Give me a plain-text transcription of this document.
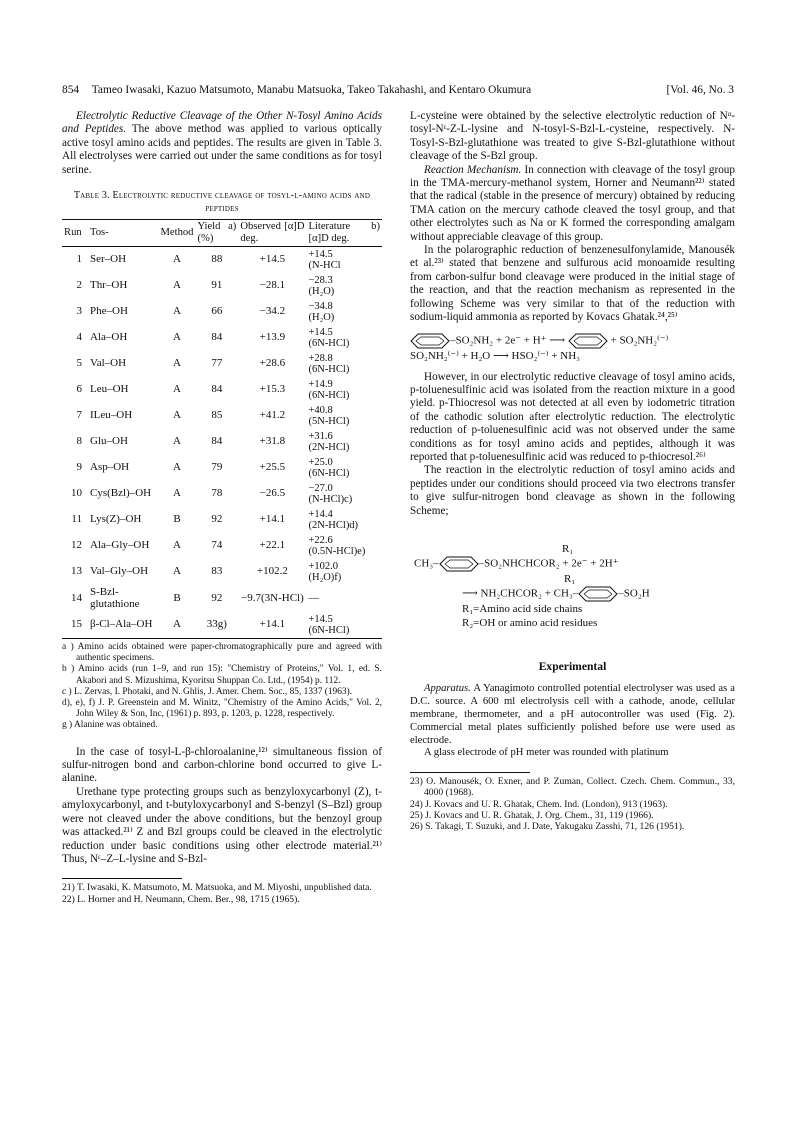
854 Tameo Iwasaki, Kazuo Matsumoto, Manabu Matsuoka, Takeo Takahashi, and Kentaro Okumura	[Vol. 46, No. 3

Electrolytic Reductive Cleavage of the Other N-Tosyl Amino Acids and Peptides. The above method was applied to various optically active tosyl amino acids and peptides. The results are given in Table 3. All electrolyses were carried out under the same conditions as for tosyl serine.

Table 3. Electrolytic reductive cleavage of tosyl-l-amino acids and peptides
Run	Tos-	Method	Yield a) (%)	Observed [α]D deg.	Literature b) [α]D deg.
1	Ser–OH	A	88	+14.5	+14.5
(N-HCl

2	Thr–OH	A	91	−28.1	−28.3
(H₂O)

3	Phe–OH	A	66	−34.2	−34.8
(H₂O)

4	Ala–OH	A	84	+13.9	+14.5
(6N-HCl)

5	Val–OH	A	77	+28.6	+28.8
(6N-HCl)

6	Leu–OH	A	84	+15.3	+14.9
(6N-HCl)

7	ILeu–OH	A	85	+41.2	+40.8
(5N-HCl)

8	Glu–OH	A	84	+31.8	+31.6
(2N-HCl)

9	Asp–OH	A	79	+25.5	+25.0
(6N-HCl)

10	Cys(Bzl)–OH	A	78	−26.5	−27.0
(N-HCl)c)

11	Lys(Z)–OH	B	92	+14.1	+14.4
(2N-HCl)d)

12	Ala–Gly–OH	A	74	+22.1	+22.6
(0.5N-HCl)e)

13	Val–Gly–OH	A	83	+102.2	+102.0
(H₂O)f)

14	S-Bzl- glutathione	B	92	−9.7(3N-HCl)	—

15	β-Cl–Ala–OH	A	33g)	+14.1	+14.5
(6N-HCl)
a ) Amino acids obtained were paper-chromatographically pure and agreed with authentic specimens.
b ) Amino acids (run 1–9, and run 15): "Chemistry of Proteins," Vol. 1, ed. S. Akabori and S. Mizushima, Kyoritsu Shuppan Co. Ltd., (1954) p. 112.
c ) L. Zervas, I. Photaki, and N. Ghlis, J. Amer. Chem. Soc., 85, 1337 (1963).
d), e), f) J. P. Greenstein and M. Winitz, "Chemistry of the Amino Acids," Vol. 2, John Wiley & Son, Inc, (1961) p. 893, p. 1203, p. 1228, respectively.
g ) Alanine was obtained.

In the case of tosyl-L-β-chloroalanine,¹²⁾ simultaneous fission of sulfur-nitrogen bond and carbon-chlorine bond occurred to give L-alanine.

Urethane type protecting groups such as benzyloxycarbonyl (Z), t-amyloxycarbonyl, and t-butyloxycarbonyl and S-benzyl (S–Bzl) group were not cleaved under the above conditions, but the benzoyl group was attacked.²¹⁾ Z and Bzl groups could be cleaved in the electrolytic reduction under basic conditions using other electrode material.²¹⁾ Thus, Nᵋ–Z–L-lysine and S-Bzl-

21) T. Iwasaki, K. Matsumoto, M. Matsuoka, and M. Miyoshi, unpublished data.
22) L. Horner and H. Neumann, Chem. Ber., 98, 1715 (1965).

L-cysteine were obtained by the selective electrolytic reduction of Nᵅ-tosyl-Nᵋ-Z-L-lysine and N-tosyl-S-Bzl-L-cysteine, respectively. N-Tosyl-S-Bzl-glutathione was treated to give S-Bzl-glutathione without cleavage of the S-Bzl group.

Reaction Mechanism. In connection with cleavage of the tosyl group in the TMA-mercury-methanol system, Horner and Neumann²²⁾ stated that the radical (stable in the presence of mercury) obtained by reducing TMA cation on the mercury cathode cleaved the tosyl group, and that other electrolytes such as Na or K formed the corresponding amalgam without appreciable cleavage of this group.

In the polarographic reduction of benzenesulfonylamide, Manousék et al.²³⁾ stated that benzene and sulfurous acid monoamide resulting from carbon-sulfur bond cleavage were produced in the initial stage of the reaction, and that the reaction mechanism as represented in the following Scheme was very similar to that of the reduction with sodium-liquid ammonia as reported by Kovacs Ghatak.²⁴,²⁵⁾

–SO₂NH₂ + 2e⁻ + H⁺ ⟶	+ SO₂NH₂⁽⁻⁾
SO₂NH₂⁽⁻⁾ + H₂O ⟶ HSO₂⁽⁻⁾ + NH₃

However, in our electrolytic reductive cleavage of tosyl amino acids, p-toluenesulfinic acid was isolated from the reaction mixture in a good yield. p-Thiocresol was not detected at all even by iodometric titration of the cathodic solution after electrolytic reduction. The electrolytic reduction of p-toluenesulfinic acid was not observed under the same conditions as for tosyl amino acids and peptides, although it was reported that p-toluenesulfinic acid was reduced to p-thiocresol.²⁶⁾

The reaction in the electrolytic reduction of tosyl amino acids and peptides under our conditions should proceed via two electrons transfer to give sulfur-nitrogen bond cleavage as shown in the following Scheme;

R₁
CH₃–	–SO₂NHCHCOR₂ + 2e⁻ + 2H⁺
R₁
⟶ NH₂CHCOR₂ + CH₃–	–SO₂H
R₁=Amino acid side chains
R₂=OH or amino acid residues
Experimental

Apparatus. A Yanagimoto controlled potential electrolyser was used as a D.C. source. A 600 ml electrolysis cell with a cathode, anode, cellular membrane, thermometer, and a pH autocontroller was used (Fig. 2). Commercial metal plates sufficiently polished before use were used as electrode.

A glass electrode of pH meter was rounded with platinum

23) O. Manousék, O. Exner, and P. Zuman, Collect. Czech. Chem. Commun., 33, 4000 (1968).
24) J. Kovacs and U. R. Ghatak, Chem. Ind. (London), 913 (1963).
25) J. Kovacs and U. R. Ghatak, J. Org. Chem., 31, 119 (1966).
26) S. Takagi, T. Suzuki, and J. Date, Yakugaku Zasshi, 71, 126 (1951).
